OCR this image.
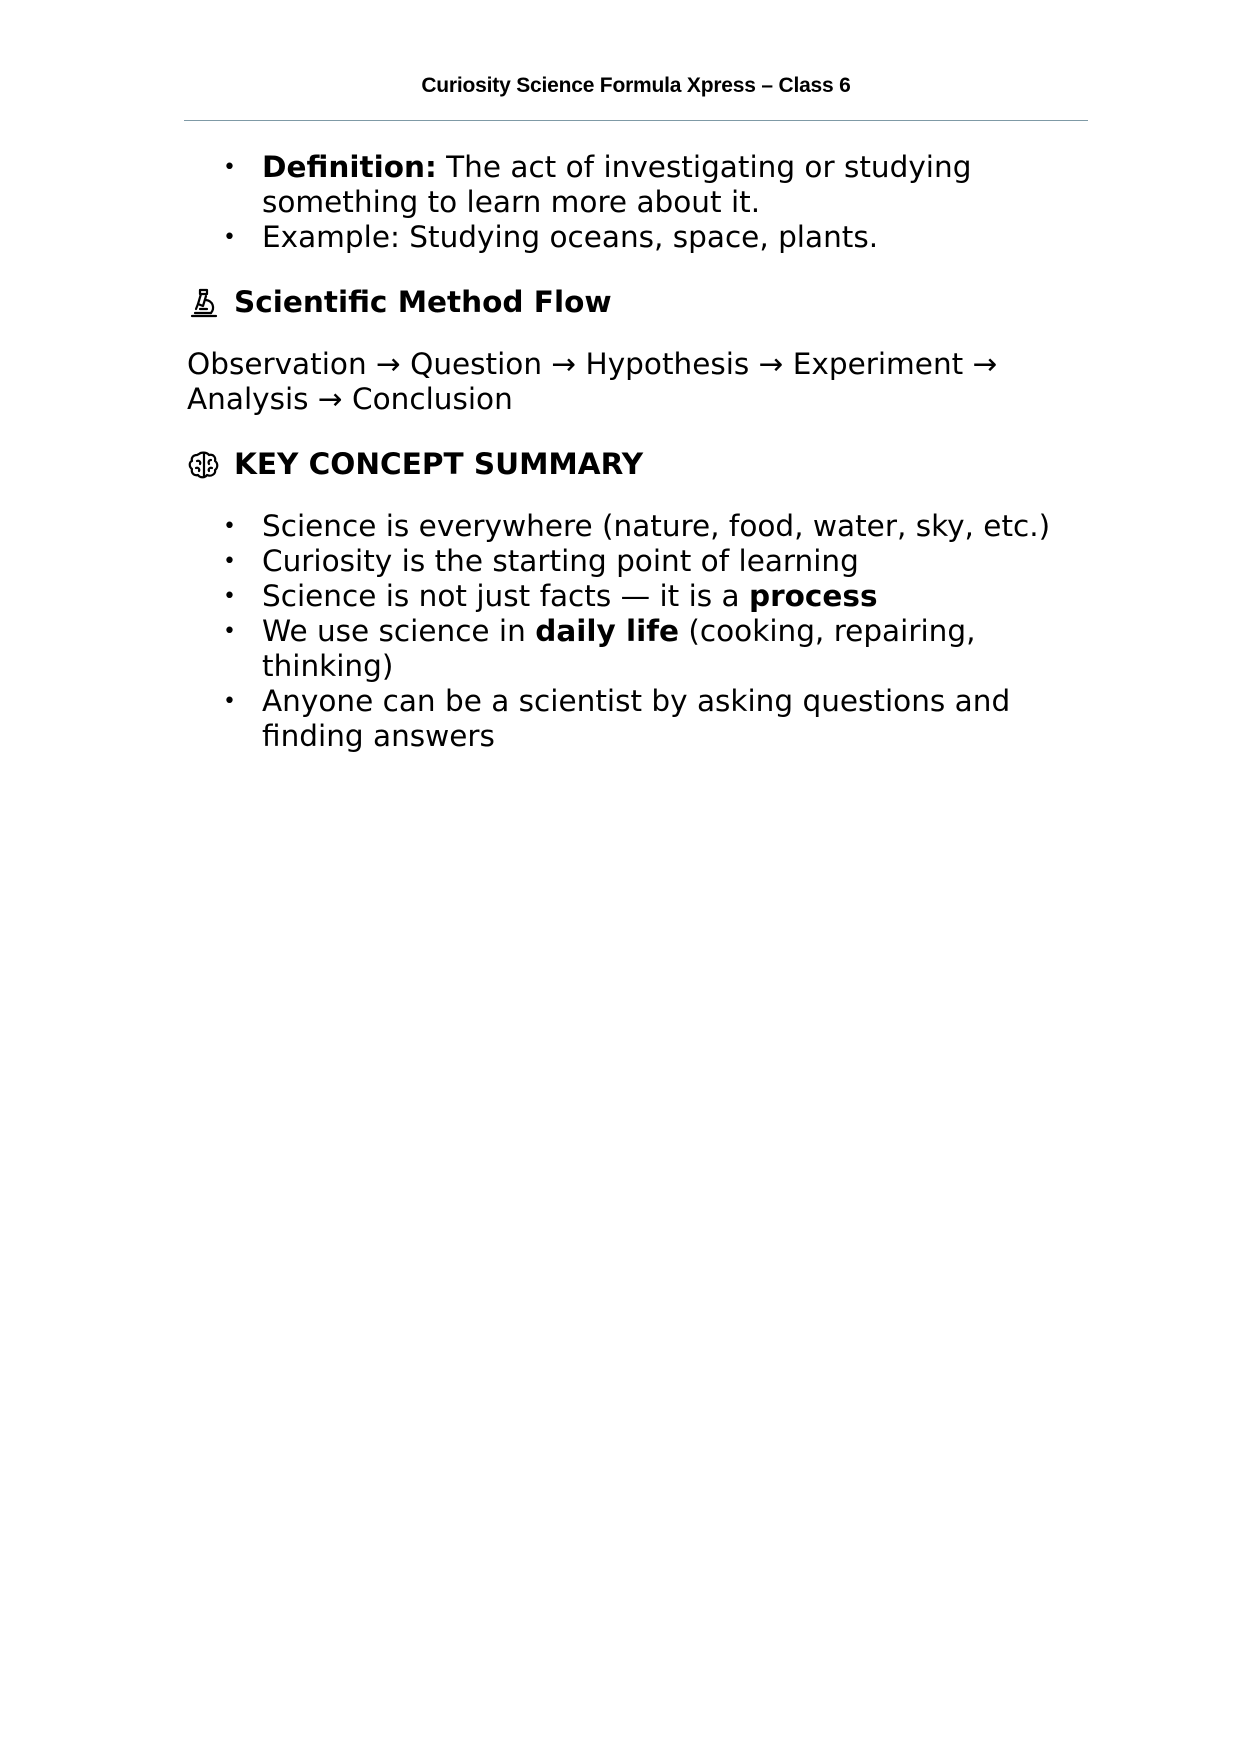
Curiosity Science Formula Xpress – Class 6
• Definition: The act of investigating or studying something to learn more about it.
• Example: Studying oceans, space, plants.
Scientific Method Flow
Observation → Question → Hypothesis → Experiment →
Analysis → Conclusion
KEY CONCEPT SUMMARY
• Science is everywhere (nature, food, water, sky, etc.)
• Curiosity is the starting point of learning
• Science is not just facts — it is a process
• We use science in daily life (cooking, repairing, thinking)
• Anyone can be a scientist by asking questions and finding answers
